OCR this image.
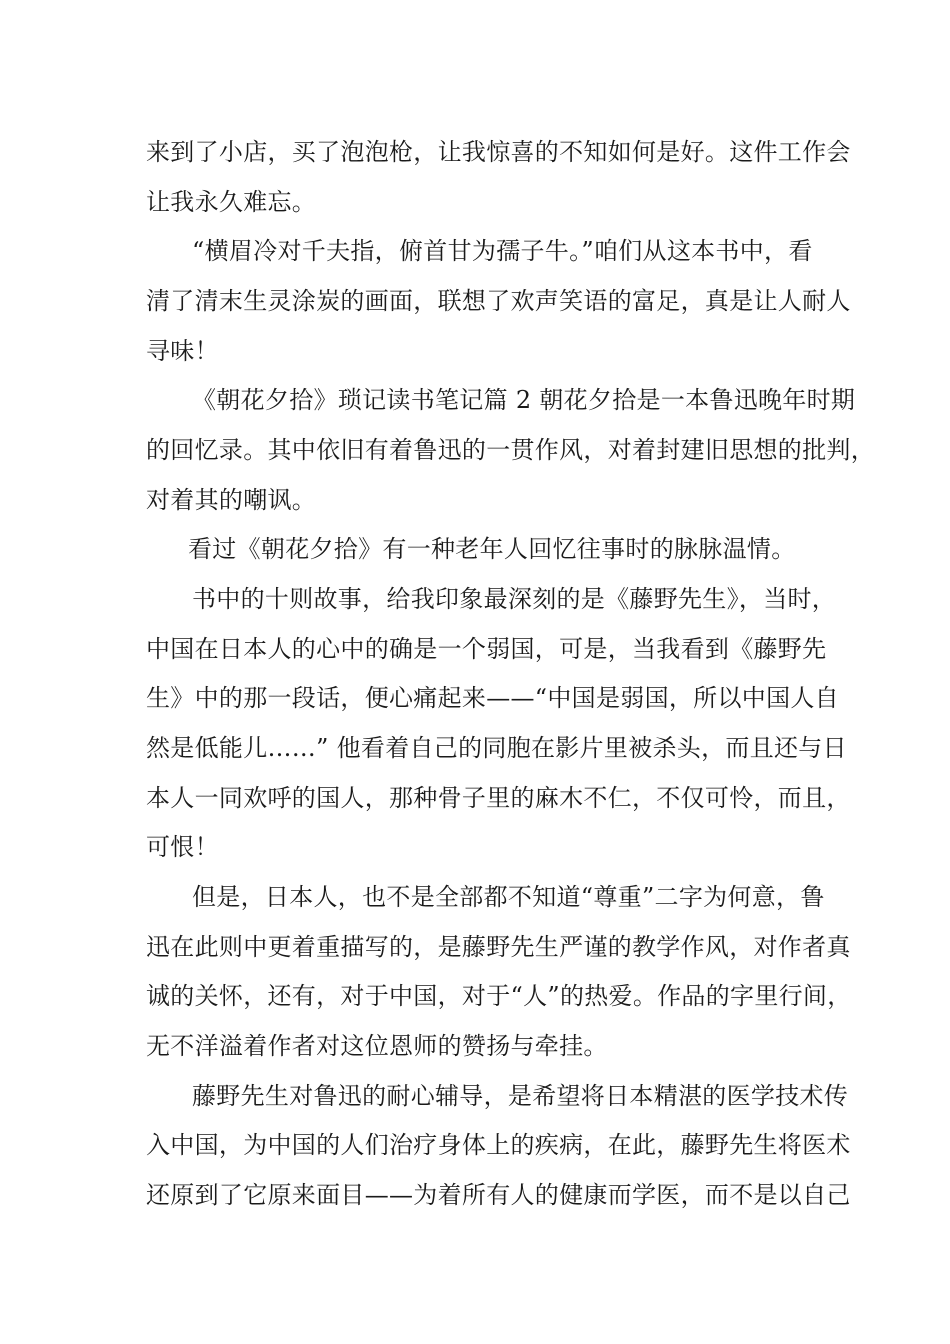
来到了小店，买了泡泡枪，让我惊喜的不知如何是好。这件工作会
让我永久难忘。
“横眉冷对千夫指，俯首甘为孺子牛。”咱们从这本书中，看
清了清末生灵涂炭的画面，联想了欢声笑语的富足，真是让人耐人
寻味！
《朝花夕拾》琐记读书笔记篇 2 朝花夕拾是一本鲁迅晚年时期
的回忆录。其中依旧有着鲁迅的一贯作风，对着封建旧思想的批判，
对着其的嘲讽。
看过《朝花夕拾》有一种老年人回忆往事时的脉脉温情。
书中的十则故事，给我印象最深刻的是《藤野先生》，当时，
中国在日本人的心中的确是一个弱国，可是，当我看到《藤野先
生》中的那一段话，便心痛起来——“中国是弱国，所以中国人自
然是低能儿……” 他看着自己的同胞在影片里被杀头，而且还与日
本人一同欢呼的国人，那种骨子里的麻木不仁，不仅可怜，而且，
可恨！
但是，日本人，也不是全部都不知道“尊重”二字为何意，鲁
迅在此则中更着重描写的，是藤野先生严谨的教学作风，对作者真
诚的关怀，还有，对于中国，对于“人”的热爱。作品的字里行间，
无不洋溢着作者对这位恩师的赞扬与牵挂。
藤野先生对鲁迅的耐心辅导，是希望将日本精湛的医学技术传
入中国，为中国的人们治疗身体上的疾病，在此，藤野先生将医术
还原到了它原来面目——为着所有人的健康而学医，而不是以自己
